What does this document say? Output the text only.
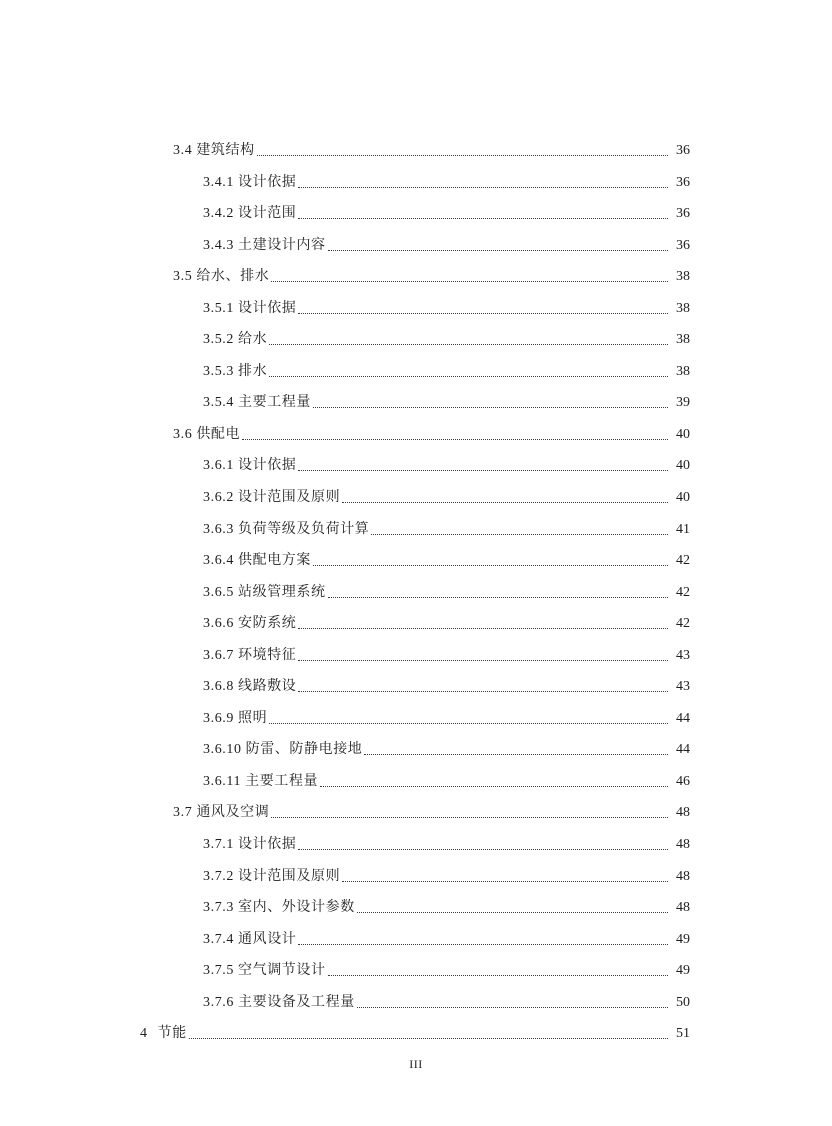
3.4 建筑结构	36
3.4.1 设计依据	36
3.4.2 设计范围	36
3.4.3 土建设计内容	36
3.5 给水、排水	38
3.5.1 设计依据	38
3.5.2 给水	38
3.5.3 排水	38
3.5.4 主要工程量	39
3.6 供配电	40
3.6.1 设计依据	40
3.6.2 设计范围及原则	40
3.6.3 负荷等级及负荷计算	41
3.6.4 供配电方案	42
3.6.5 站级管理系统	42
3.6.6 安防系统	42
3.6.7 环境特征	43
3.6.8 线路敷设	43
3.6.9 照明	44
3.6.10 防雷、防静电接地	44
3.6.11 主要工程量	46
3.7 通风及空调	48
3.7.1 设计依据	48
3.7.2 设计范围及原则	48
3.7.3 室内、外设计参数	48
3.7.4 通风设计	49
3.7.5 空气调节设计	49
3.7.6 主要设备及工程量	50
4 节能	51
III
